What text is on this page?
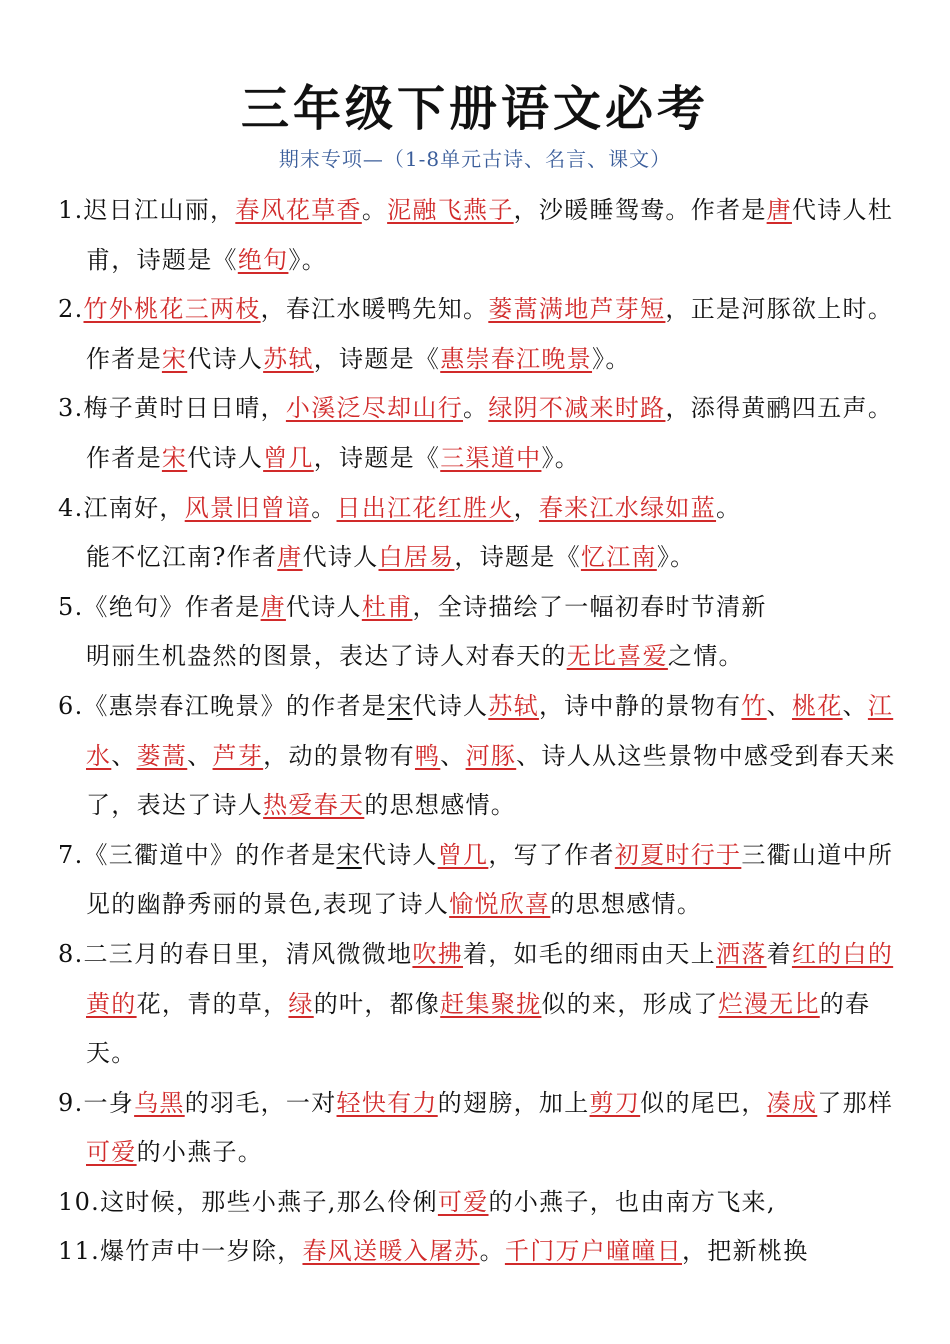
三年级下册语文必考
期末专项—（1-8单元古诗、名言、课文）
1.迟日江山丽，春风花草香。泥融飞燕子，沙暖睡鸳鸯。作者是唐代诗人杜甫，诗题是《绝句》。
2.竹外桃花三两枝，春江水暖鸭先知。蒌蒿满地芦芽短，正是河豚欲上时。作者是宋代诗人苏轼，诗题是《惠崇春江晚景》。
3.梅子黄时日日晴，小溪泛尽却山行。绿阴不减来时路，添得黄鹂四五声。作者是宋代诗人曾几，诗题是《三渠道中》。
4.江南好，风景旧曾谙。日出江花红胜火，春来江水绿如蓝。
能不忆江南?作者唐代诗人白居易，诗题是《忆江南》。
5.《绝句》作者是唐代诗人杜甫，全诗描绘了一幅初春时节清新
明丽生机盎然的图景，表达了诗人对春天的无比喜爱之情。
6.《惠崇春江晚景》的作者是宋代诗人苏轼，诗中静的景物有竹、桃花、江水、蒌蒿、芦芽，动的景物有鸭、河豚、诗人从这些景物中感受到春天来了，表达了诗人热爱春天的思想感情。
7.《三衢道中》的作者是宋代诗人曾几，写了作者初夏时行于三衢山道中所见的幽静秀丽的景色,表现了诗人愉悦欣喜的思想感情。
8.二三月的春日里，清风微微地吹拂着，如毛的细雨由天上洒落着红的白的黄的花，青的草，绿的叶，都像赶集聚拢似的来，形成了烂漫无比的春天。
9.一身乌黑的羽毛，一对轻快有力的翅膀，加上剪刀似的尾巴，凑成了那样可爱的小燕子。
10.这时候，那些小燕子,那么伶俐可爱的小燕子，也由南方飞来,
11.爆竹声中一岁除，春风送暖入屠苏。千门万户曈曈日，把新桃换
